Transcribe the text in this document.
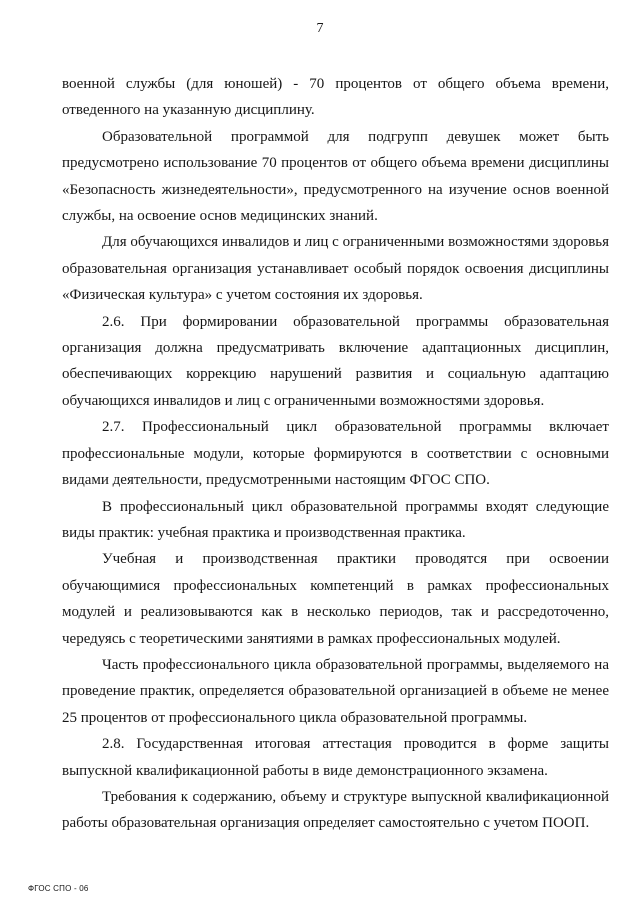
7

военной службы (для юношей) - 70 процентов от общего объема времени, отведенного на указанную дисциплину.

Образовательной программой для подгрупп девушек может быть предусмотрено использование 70 процентов от общего объема времени дисциплины «Безопасность жизнедеятельности», предусмотренного на изучение основ военной службы, на освоение основ медицинских знаний.

Для обучающихся инвалидов и лиц с ограниченными возможностями здоровья образовательная организация устанавливает особый порядок освоения дисциплины «Физическая культура» с учетом состояния их здоровья.

2.6. При формировании образовательной программы образовательная организация должна предусматривать включение адаптационных дисциплин, обеспечивающих коррекцию нарушений развития и социальную адаптацию обучающихся инвалидов и лиц с ограниченными возможностями здоровья.

2.7. Профессиональный цикл образовательной программы включает профессиональные модули, которые формируются в соответствии с основными видами деятельности, предусмотренными настоящим ФГОС СПО.

В профессиональный цикл образовательной программы входят следующие виды практик: учебная практика и производственная практика.

Учебная и производственная практики проводятся при освоении обучающимися профессиональных компетенций в рамках профессиональных модулей и реализовываются как в несколько периодов, так и рассредоточенно, чередуясь с теоретическими занятиями в рамках профессиональных модулей.

Часть профессионального цикла образовательной программы, выделяемого на проведение практик, определяется образовательной организацией в объеме не менее 25 процентов от профессионального цикла образовательной программы.

2.8. Государственная итоговая аттестация проводится в форме защиты выпускной квалификационной работы в виде демонстрационного экзамена.

Требования к содержанию, объему и структуре выпускной квалификационной работы образовательная организация определяет самостоятельно с учетом ПООП.

ФГОС СПО - 06
